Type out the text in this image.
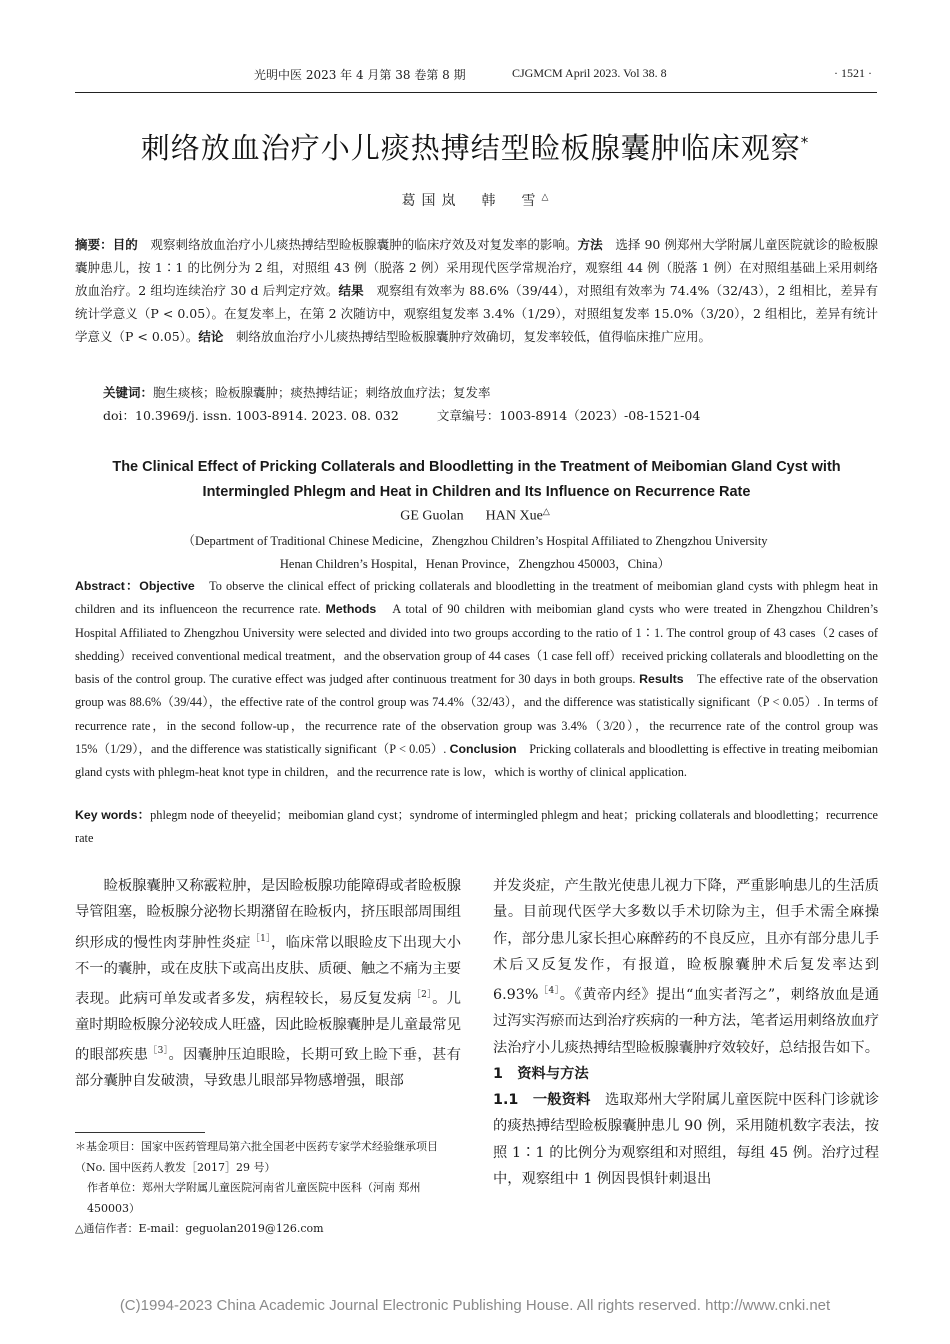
光明中医 2023 年 4 月第 38 卷第 8 期	CJGMCM April 2023. Vol 38. 8	· 1521 ·
刺络放血治疗小儿痰热搏结型睑板腺囊肿临床观察*
葛国岚　韩　雪△
摘要：目的　观察刺络放血治疗小儿痰热搏结型睑板腺囊肿的临床疗效及对复发率的影响。方法　选择 90 例郑州大学附属儿童医院就诊的睑板腺囊肿患儿，按 1∶1 的比例分为 2 组，对照组 43 例（脱落 2 例）采用现代医学常规治疗，观察组 44 例（脱落 1 例）在对照组基础上采用刺络放血治疗。2 组均连续治疗 30 d 后判定疗效。结果　观察组有效率为 88.6%（39/44），对照组有效率为 74.4%（32/43），2 组相比，差异有统计学意义（P < 0.05）。在复发率上，在第 2 次随访中，观察组复发率 3.4%（1/29），对照组复发率 15.0%（3/20），2 组相比，差异有统计学意义（P < 0.05）。结论　刺络放血治疗小儿痰热搏结型睑板腺囊肿疗效确切，复发率较低，值得临床推广应用。
关键词：胞生痰核；睑板腺囊肿；痰热搏结证；刺络放血疗法；复发率
doi：10.3969/j. issn. 1003-8914. 2023. 08. 032	文章编号：1003-8914（2023）-08-1521-04
The Clinical Effect of Pricking Collaterals and Bloodletting in the Treatment of Meibomian Gland Cyst with
Intermingled Phlegm and Heat in Children and Its Influence on Recurrence Rate
GE Guolan HAN Xue△
（Department of Traditional Chinese Medicine，Zhengzhou Children’s Hospital Affiliated to Zhengzhou University
Henan Children’s Hospital，Henan Province，Zhengzhou 450003，China）
Abstract：Objective　To observe the clinical effect of pricking collaterals and bloodletting in the treatment of meibomian gland cysts with phlegm heat in children and its influenceon the recurrence rate. Methods　A total of 90 children with meibomian gland cysts who were treated in Zhengzhou Children’s Hospital Affiliated to Zhengzhou University were selected and divided into two groups according to the ratio of 1∶1. The control group of 43 cases（2 cases of shedding）received conventional medical treatment，and the observation group of 44 cases（1 case fell off）received pricking collaterals and bloodletting on the basis of the control group. The curative effect was judged after continuous treatment for 30 days in both groups. Results　The effective rate of the observation group was 88.6%（39/44），the effective rate of the control group was 74.4%（32/43），and the difference was statistically significant（P < 0.05）. In terms of recurrence rate，in the second follow-up，the recurrence rate of the observation group was 3.4%（3/20），the recurrence rate of the control group was 15%（1/29），and the difference was statistically significant（P < 0.05）. Conclusion　Pricking collaterals and bloodletting is effective in treating meibomian gland cysts with phlegm-heat knot type in children，and the recurrence rate is low，which is worthy of clinical application.
Key words：phlegm node of theeyelid；meibomian gland cyst；syndrome of intermingled phlegm and heat；pricking collaterals and bloodletting；recurrence rate

睑板腺囊肿又称霰粒肿，是因睑板腺功能障碍或者睑板腺导管阻塞，睑板腺分泌物长期潴留在睑板内，挤压眼部周围组织形成的慢性肉芽肿性炎症$^{[1]}$，临床常以眼睑皮下出现大小不一的囊肿，或在皮肤下或高出皮肤、质硬、触之不痛为主要表现。此病可单发或者多发，病程较长，易反复发病$^{[2]}$。儿童时期睑板腺分泌较成人旺盛，因此睑板腺囊肿是儿童最常见的眼部疾患$^{[3]}$。因囊肿压迫眼睑，长期可致上睑下垂，甚有部分囊肿自发破溃，导致患儿眼部异物感增强，眼部

并发炎症，产生散光使患儿视力下降，严重影响患儿的生活质量。目前现代医学大多数以手术切除为主，但手术需全麻操作，部分患儿家长担心麻醉药的不良反应，且亦有部分患儿手术后又反复发作，有报道，睑板腺囊肿术后复发率达到 6.93%$^{[4]}$。《黄帝内经》提出“血实者泻之”，刺络放血是通过泻实泻瘀而达到治疗疾病的一种方法，笔者运用刺络放血疗法治疗小儿痰热搏结型睑板腺囊肿疗效较好，总结报告如下。

1　资料与方法

1.1　一般资料　选取郑州大学附属儿童医院中医科门诊就诊的痰热搏结型睑板腺囊肿患儿 90 例，采用随机数字表法，按照 1∶1 的比例分为观察组和对照组，每组 45 例。治疗过程中，观察组中 1 例因畏惧针刺退出

＊基金项目：国家中医药管理局第六批全国老中医药专家学术经验继承项目（No. 国中医药人教发［2017］29 号）

作者单位：郑州大学附属儿童医院河南省儿童医院中医科（河南 郑州 450003）

△通信作者：E-mail：geguolan2019@126.com

(C)1994-2023 China Academic Journal Electronic Publishing House. All rights reserved. http://www.cnki.net
